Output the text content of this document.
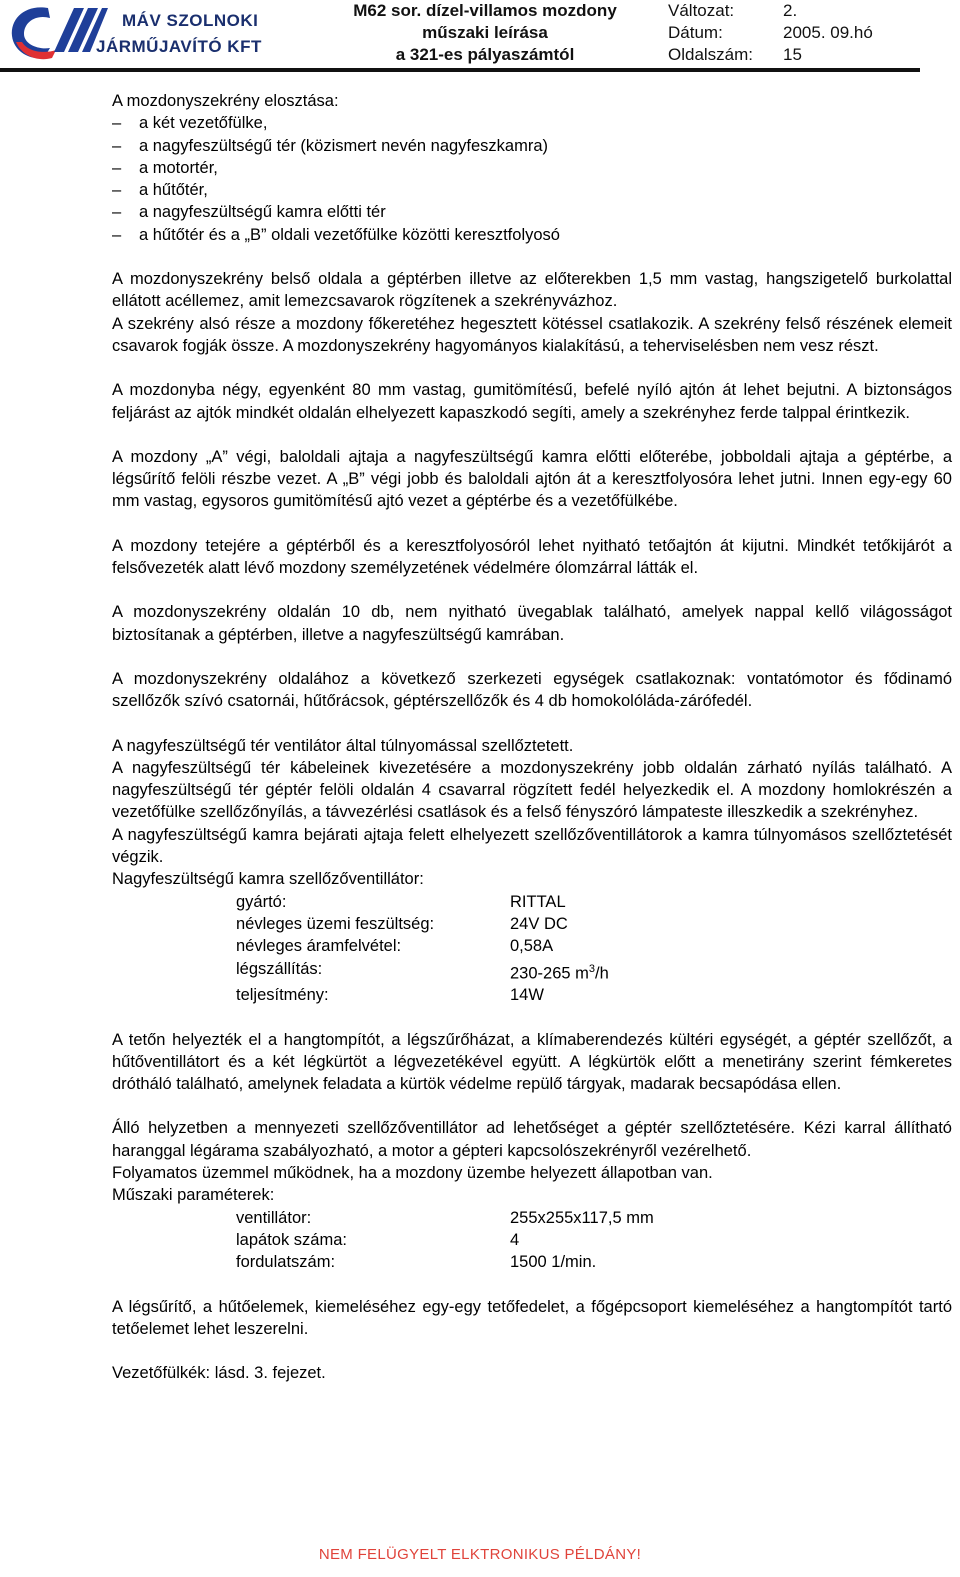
MÁV SZOLNOKI
JÁRMŰJAVÍTÓ KFT
M62 sor. dízel-villamos mozdony
műszaki leírása
a 321-es pályaszámtól
Változat:	2.
Dátum:	2005. 09.hó
Oldalszám:	15

A mozdonyszekrény elosztása:

– a két vezetőfülke,
– a nagyfeszültségű tér (közismert nevén nagyfeszkamra)
– a motortér,
– a hűtőtér,
– a nagyfeszültségű kamra előtti tér
– a hűtőtér és a „B” oldali vezetőfülke közötti keresztfolyosó

A mozdonyszekrény belső oldala a géptérben illetve az előterekben 1,5 mm vastag, hangszigetelő burkolattal ellátott acéllemez, amit lemezcsavarok rögzítenek a szekrényvázhoz.

A szekrény alsó része a mozdony főkeretéhez hegesztett kötéssel csatlakozik. A szekrény felső részének elemeit csavarok fogják össze. A mozdonyszekrény hagyományos kialakítású, a teherviselésben nem vesz részt.

A mozdonyba négy, egyenként 80 mm vastag, gumitömítésű, befelé nyíló ajtón át lehet bejutni. A biztonságos feljárást az ajtók mindkét oldalán elhelyezett kapaszkodó segíti, amely a szekrényhez ferde talppal érintkezik.

A mozdony „A” végi, baloldali ajtaja a nagyfeszültségű kamra előtti előterébe, jobboldali ajtaja a géptérbe, a légsűrítő felöli részbe vezet. A „B” végi jobb és baloldali ajtón át a keresztfolyosóra lehet jutni. Innen egy-egy 60 mm vastag, egysoros gumitömítésű ajtó vezet a géptérbe és a vezetőfülkébe.

A mozdony tetejére a géptérből és a keresztfolyosóról lehet nyitható tetőajtón át kijutni. Mindkét tetőkijárót a felsővezeték alatt lévő mozdony személyzetének védelmére ólomzárral látták el.

A mozdonyszekrény oldalán 10 db, nem nyitható üvegablak található, amelyek nappal kellő világosságot biztosítanak a géptérben, illetve a nagyfeszültségű kamrában.

A mozdonyszekrény oldalához a következő szerkezeti egységek csatlakoznak: vontatómotor és fődinamó szellőzők szívó csatornái, hűtőrácsok, géptérszellőzők és 4 db homokolóláda-zárófedél.

A nagyfeszültségű tér ventilátor által túlnyomással szellőztetett.

A nagyfeszültségű tér kábeleinek kivezetésére a mozdonyszekrény jobb oldalán zárható nyílás található. A nagyfeszültségű tér géptér felöli oldalán 4 csavarral rögzített fedél helyezkedik el. A mozdony homlokrészén a vezetőfülke szellőzőnyílás, a távvezérlési csatlások és a felső fényszóró lámpateste illeszkedik a szekrényhez.

A nagyfeszültségű kamra bejárati ajtaja felett elhelyezett szellőzőventillátorok a kamra túlnyomásos szellőztetését végzik.

Nagyfeszültségű kamra szellőzőventillátor:

gyártó:	RITTAL
névleges üzemi feszültség:	24V DC
névleges áramfelvétel:	0,58A
légszállítás:	230-265 $m^3/h$
teljesítmény:	14W

A tetőn helyezték el a hangtompítót, a légszűrőházat, a klímaberendezés kültéri egységét, a géptér szellőzőt, a hűtőventillátort és a két légkürtöt a légvezetékével együtt. A légkürtök előtt a menetirány szerint fémkeretes drótháló található, amelynek feladata a kürtök védelme repülő tárgyak, madarak becsapódása ellen.

Álló helyzetben a mennyezeti szellőzőventillátor ad lehetőséget a géptér szellőztetésére. Kézi karral állítható haranggal légárama szabályozható, a motor a gépteri kapcsolószekrényről vezérelhető.

Folyamatos üzemmel működnek, ha a mozdony üzembe helyezett állapotban van.

Műszaki paraméterek:

ventillátor:	255x255x117,5 mm
lapátok száma:	4
fordulatszám:	1500 1/min.

A légsűrítő, a hűtőelemek, kiemeléséhez egy-egy tetőfedelet, a főgépcsoport kiemeléséhez a hangtompítót tartó tetőelemet lehet leszerelni.

Vezetőfülkék: lásd. 3. fejezet.

NEM FELÜGYELT ELKTRONIKUS PÉLDÁNY!
